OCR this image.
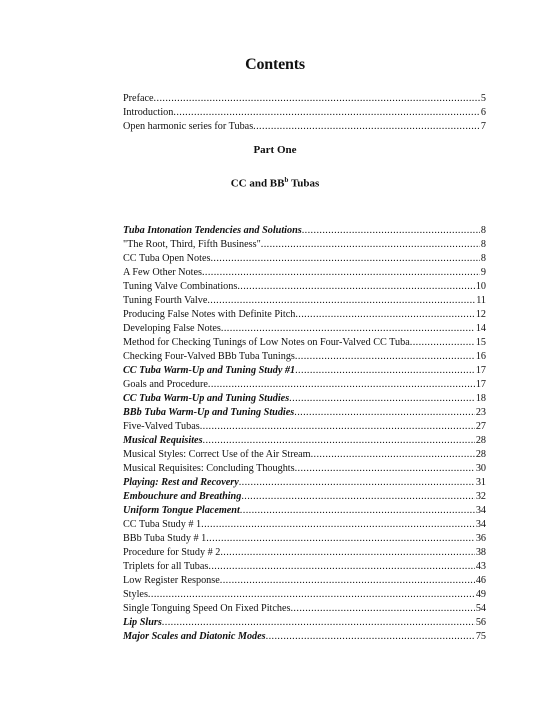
Contents
Preface .....	5
Introduction .....	6
Open harmonic series for Tubas .....	7

Part One

CC and $BB^b$ Tubas

Tuba Intonation Tendencies and Solutions .....	8
"The Root, Third, Fifth Business" .....	8
CC Tuba Open Notes .....	8
A Few Other Notes .....	9
Tuning Valve Combinations .....	10
Tuning Fourth Valve .....	11
Producing False Notes with Definite Pitch .....	12
Developing False Notes .....	14
Method for Checking Tunings of Low Notes on Four-Valved CC Tuba .....	15
Checking Four-Valved BBb Tuba Tunings .....	16
CC Tuba Warm-Up and Tuning Study #1 .....	17
Goals and Procedure .....	17
CC Tuba Warm-Up and Tuning Studies .....	18
BBb Tuba Warm-Up and Tuning Studies .....	23
Five-Valved Tubas .....	27
Musical Requisites .....	28
Musical Styles: Correct Use of the Air Stream .....	28
Musical Requisites: Concluding Thoughts .....	30
Playing: Rest and Recovery .....	31
Embouchure and Breathing .....	32
Uniform Tongue Placement .....	34
CC Tuba Study # 1 .....	34
BBb Tuba Study # 1 .....	36
Procedure for Study # 2 .....	38
Triplets for all Tubas .....	43
Low Register Response .....	46
Styles .....	49
Single Tonguing Speed On Fixed Pitches .....	54
Lip Slurs .....	56
Major Scales and Diatonic Modes .....	75
